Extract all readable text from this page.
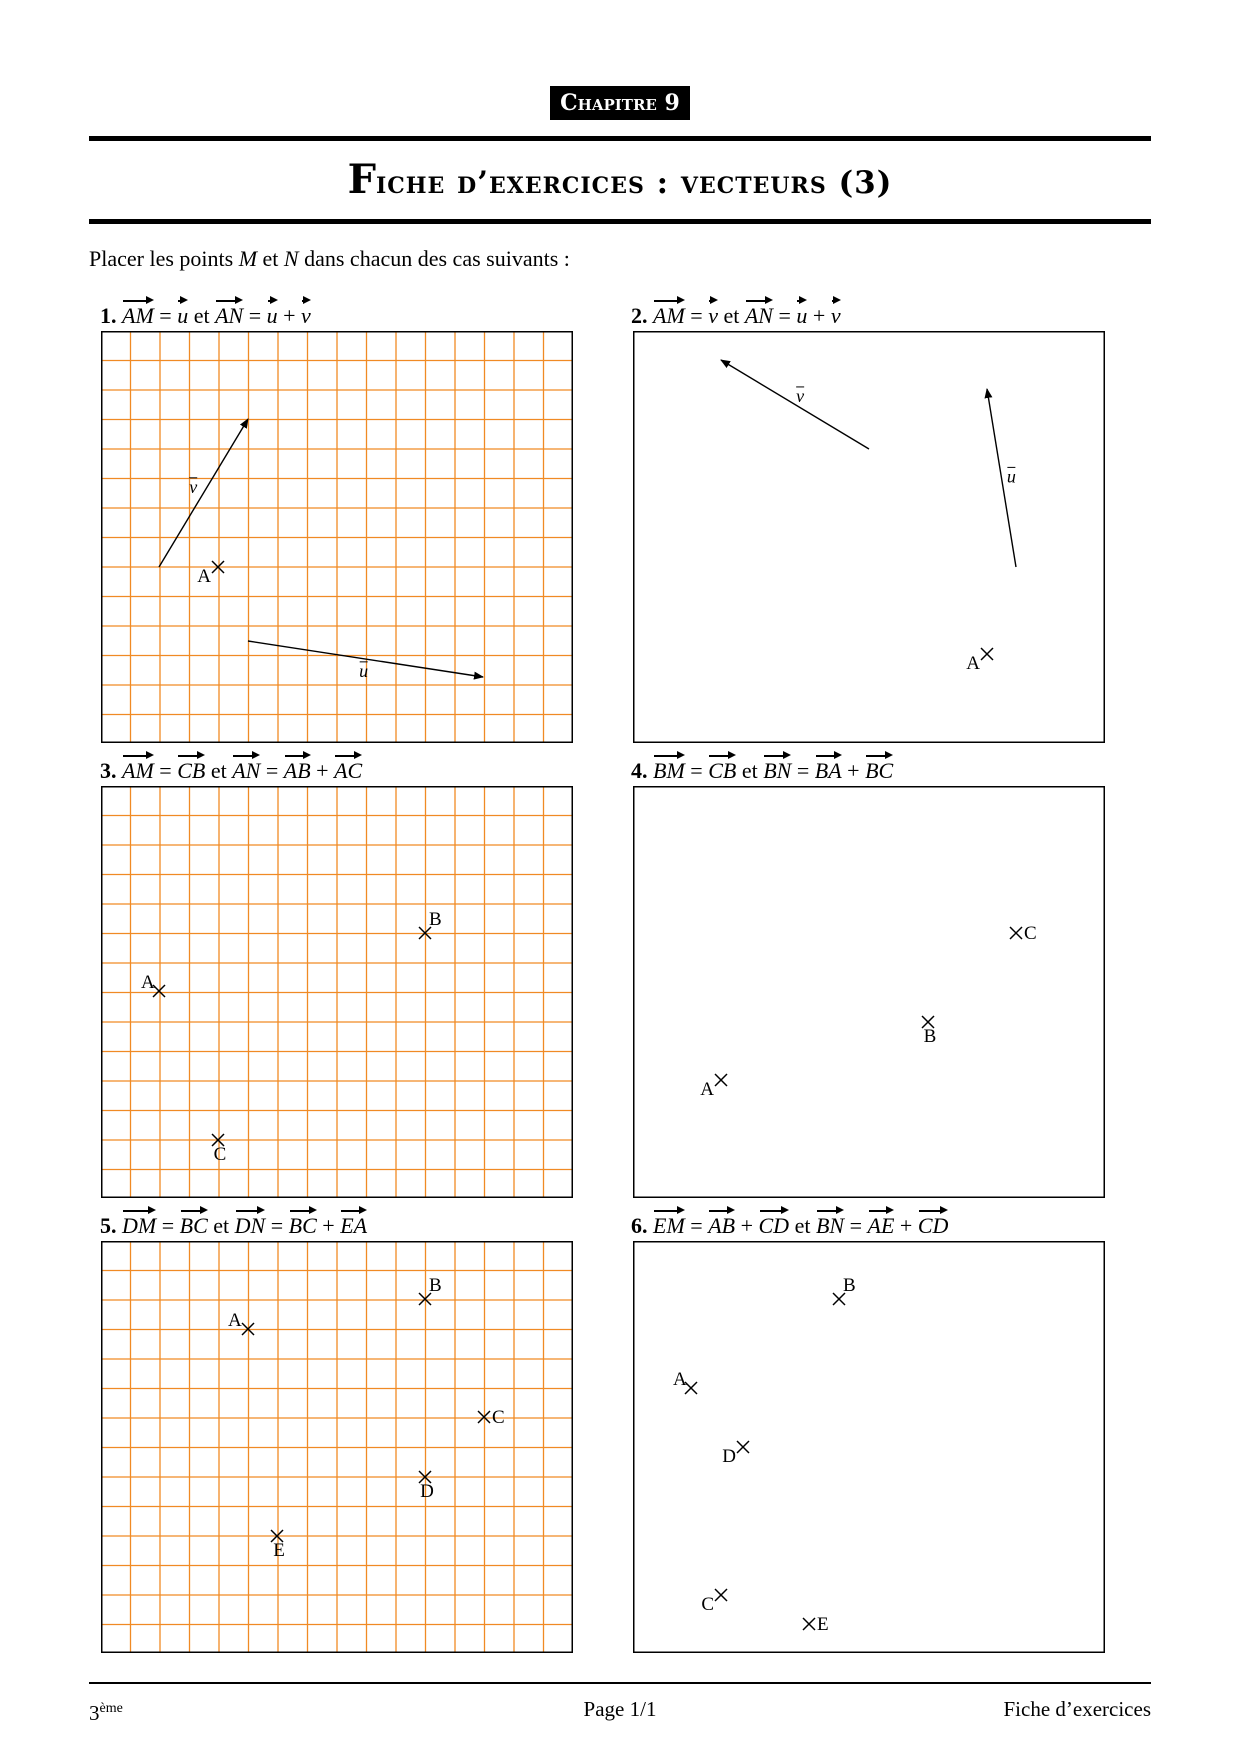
Chapitre 9
Fiche d’exercices : vecteurs (3)
Placer les points M et N dans chacun des cas suivants :
1. AM = u et AN = u + v	2. AM = v et AN = u + v
3. AM = CB et AN = AB + AC	4. BM = CB et BN = BA + BC
5. DM = BC et DN = BC + EA	6. EM = AB + CD et BN = AE + CD
u
v
A
v
u
A
A
B
C
A
B
C
A
B
C
D
E
A
B
C
D
E
3ème	Page 1/1	Fiche d’exercices
